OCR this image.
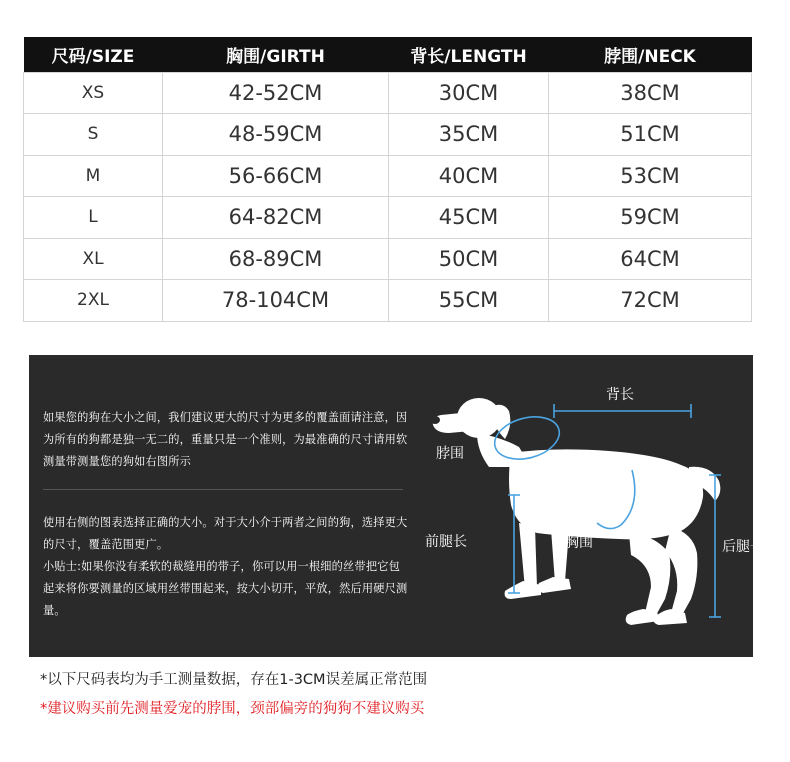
尺码/SIZE	胸围/GIRTH	背长/LENGTH	脖围/NECK
XS	42-52CM	30CM	38CM
S	48-59CM	35CM	51CM
M	56-66CM	40CM	53CM
L	64-82CM	45CM	59CM
XL	68-89CM	50CM	64CM
2XL	78-104CM	55CM	72CM

如果您的狗在大小之间，我们建议更大的尺寸为更多的覆盖面请注意，因为所有的狗都是独一无二的，重量只是一个准则，为最准确的尺寸请用软测量带测量您的狗如右图所示

使用右侧的图表选择正确的大小。对于大小介于两者之间的狗，选择更大的尺寸，覆盖范围更广。

小贴士:如果你没有柔软的裁缝用的带子，你可以用一根细的丝带把它包起来将你要测量的区域用丝带围起来，按大小切开，平放，然后用硬尺测量。

背长
脖围
前腿长	胸围	后腿长

*以下尺码表均为手工测量数据，存在1-3CM误差属正常范围

*建议购买前先测量爱宠的脖围，颈部偏旁的狗狗不建议购买
